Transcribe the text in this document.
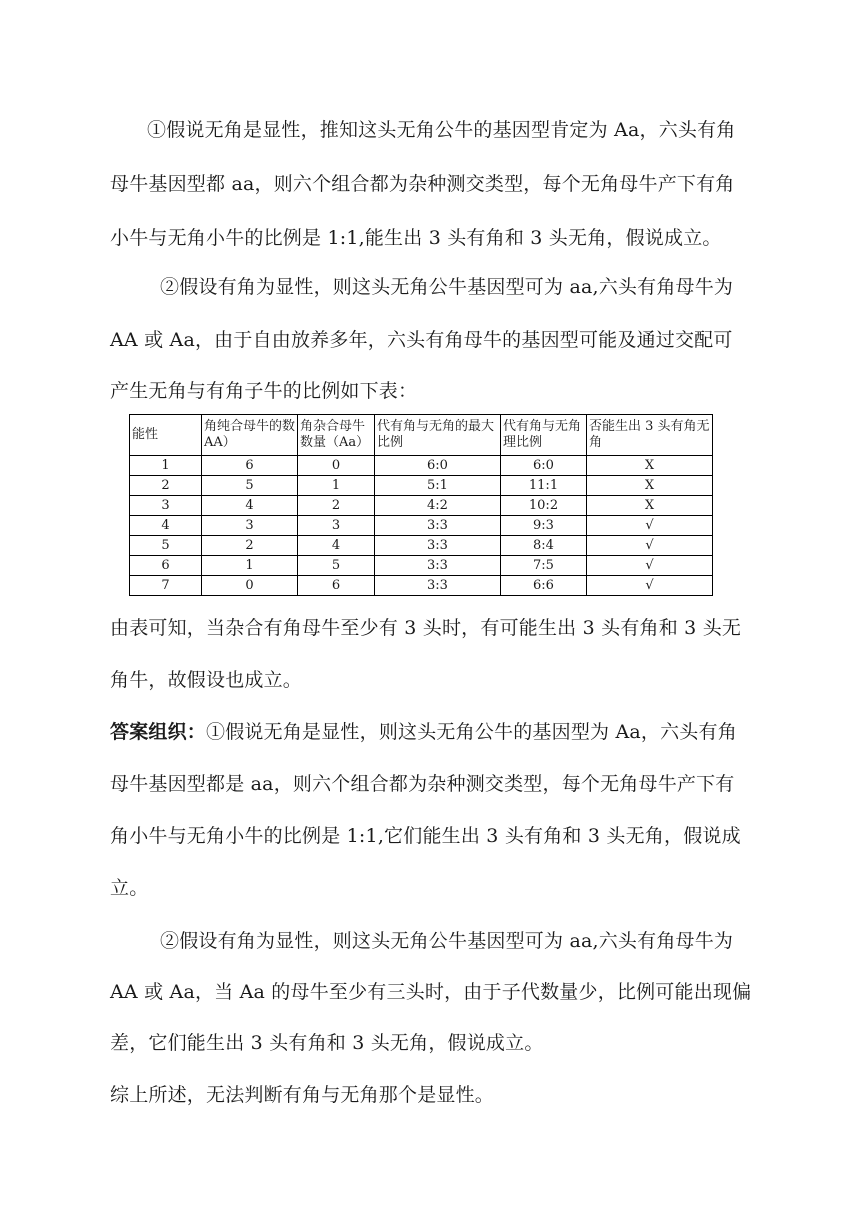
①假说无角是显性，推知这头无角公牛的基因型肯定为 Aa，六头有角
母牛基因型都 aa，则六个组合都为杂种测交类型，每个无角母牛产下有角
小牛与无角小牛的比例是 1:1,能生出 3 头有角和 3 头无角，假说成立。
②假设有角为显性，则这头无角公牛基因型可为 aa,六头有角母牛为
AA 或 Aa，由于自由放养多年，六头有角母牛的基因型可能及通过交配可
产生无角与有角子牛的比例如下表：
能性	角纯合母牛的数AA）	角杂合母牛数量（Aa）	代有角与无角的最大比例	代有角与无角理比例	否能生出 3 头有角无角
1	6	0	6:0	6:0	X
2	5	1	5:1	11:1	X
3	4	2	4:2	10:2	X
4	3	3	3:3	9:3	√
5	2	4	3:3	8:4	√
6	1	5	3:3	7:5	√
7	0	6	3:3	6:6	√
由表可知，当杂合有角母牛至少有 3 头时，有可能生出 3 头有角和 3 头无
角牛，故假设也成立。
答案组织：①假说无角是显性，则这头无角公牛的基因型为 Aa，六头有角
母牛基因型都是 aa，则六个组合都为杂种测交类型，每个无角母牛产下有
角小牛与无角小牛的比例是 1:1,它们能生出 3 头有角和 3 头无角，假说成
立。
②假设有角为显性，则这头无角公牛基因型可为 aa,六头有角母牛为
AA 或 Aa，当 Aa 的母牛至少有三头时，由于子代数量少，比例可能出现偏
差，它们能生出 3 头有角和 3 头无角，假说成立。
综上所述，无法判断有角与无角那个是显性。
